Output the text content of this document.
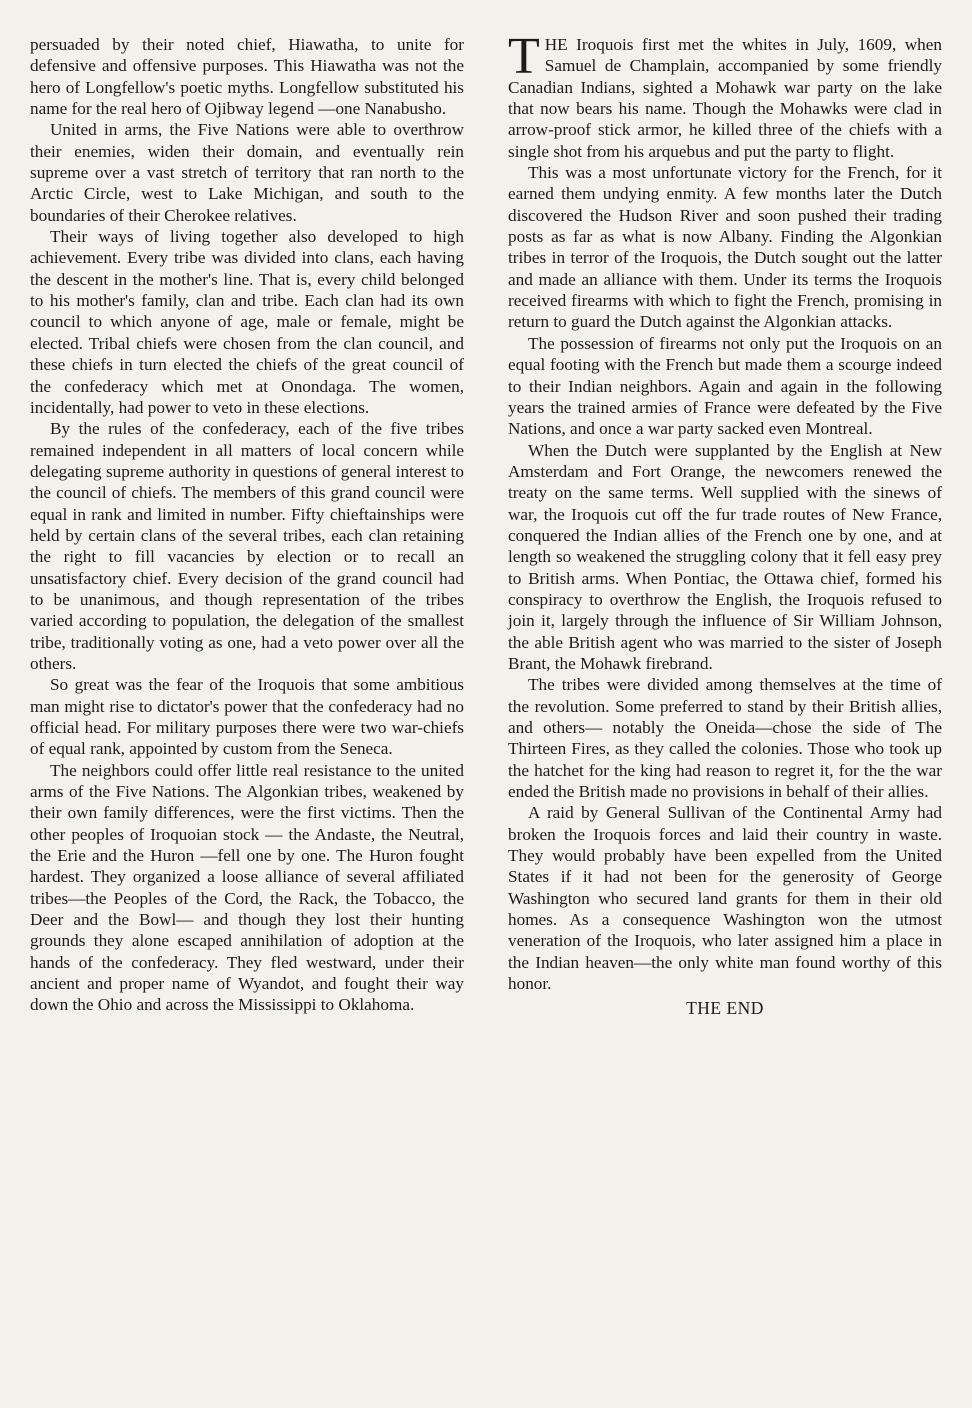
persuaded by their noted chief, Hiawatha, to unite for defensive and offensive purposes. This Hiawatha was not the hero of Longfellow's poetic myths. Longfellow substituted his name for the real hero of Ojibway legend —one Nanabusho.

United in arms, the Five Nations were able to overthrow their enemies, widen their domain, and eventually rein supreme over a vast stretch of territory that ran north to the Arctic Circle, west to Lake Michigan, and south to the boundaries of their Cherokee relatives.

Their ways of living together also developed to high achievement. Every tribe was divided into clans, each having the descent in the mother's line. That is, every child belonged to his mother's family, clan and tribe. Each clan had its own council to which anyone of age, male or female, might be elected. Tribal chiefs were chosen from the clan council, and these chiefs in turn elected the chiefs of the great council of the confederacy which met at Onondaga. The women, incidentally, had power to veto in these elections.

By the rules of the confederacy, each of the five tribes remained independent in all matters of local concern while delegating supreme authority in questions of general interest to the council of chiefs. The members of this grand council were equal in rank and limited in number. Fifty chieftainships were held by certain clans of the several tribes, each clan retaining the right to fill vacancies by election or to recall an unsatisfactory chief. Every decision of the grand council had to be unanimous, and though representation of the tribes varied according to population, the delegation of the smallest tribe, traditionally voting as one, had a veto power over all the others.

So great was the fear of the Iroquois that some ambitious man might rise to dictator's power that the confederacy had no official head. For military purposes there were two war-chiefs of equal rank, appointed by custom from the Seneca.

The neighbors could offer little real resistance to the united arms of the Five Nations. The Algonkian tribes, weakened by their own family differences, were the first victims. Then the other peoples of Iroquoian stock — the Andaste, the Neutral, the Erie and the Huron —fell one by one. The Huron fought hardest. They organized a loose alliance of several affiliated tribes—the Peoples of the Cord, the Rack, the Tobacco, the Deer and the Bowl— and though they lost their hunting grounds they alone escaped annihilation of adoption at the hands of the confederacy. They fled westward, under their ancient and proper name of Wyandot, and fought their way down the Ohio and across the Mississippi to Oklahoma.

THE Iroquois first met the whites in July, 1609, when Samuel de Champlain, accompanied by some friendly Canadian Indians, sighted a Mohawk war party on the lake that now bears his name. Though the Mohawks were clad in arrow-proof stick armor, he killed three of the chiefs with a single shot from his arquebus and put the party to flight.

This was a most unfortunate victory for the French, for it earned them undying enmity. A few months later the Dutch discovered the Hudson River and soon pushed their trading posts as far as what is now Albany. Finding the Algonkian tribes in terror of the Iroquois, the Dutch sought out the latter and made an alliance with them. Under its terms the Iroquois received firearms with which to fight the French, promising in return to guard the Dutch against the Algonkian attacks.

The possession of firearms not only put the Iroquois on an equal footing with the French but made them a scourge indeed to their Indian neighbors. Again and again in the following years the trained armies of France were defeated by the Five Nations, and once a war party sacked even Montreal.

When the Dutch were supplanted by the English at New Amsterdam and Fort Orange, the newcomers renewed the treaty on the same terms. Well supplied with the sinews of war, the Iroquois cut off the fur trade routes of New France, conquered the Indian allies of the French one by one, and at length so weakened the struggling colony that it fell easy prey to British arms. When Pontiac, the Ottawa chief, formed his conspiracy to overthrow the English, the Iroquois refused to join it, largely through the influence of Sir William Johnson, the able British agent who was married to the sister of Joseph Brant, the Mohawk firebrand.

The tribes were divided among themselves at the time of the revolution. Some preferred to stand by their British allies, and others— notably the Oneida—chose the side of The Thirteen Fires, as they called the colonies. Those who took up the hatchet for the king had reason to regret it, for the the war ended the British made no provisions in behalf of their allies.

A raid by General Sullivan of the Continental Army had broken the Iroquois forces and laid their country in waste. They would probably have been expelled from the United States if it had not been for the generosity of George Washington who secured land grants for them in their old homes. As a consequence Washington won the utmost veneration of the Iroquois, who later assigned him a place in the Indian heaven—the only white man found worthy of this honor.

THE END
